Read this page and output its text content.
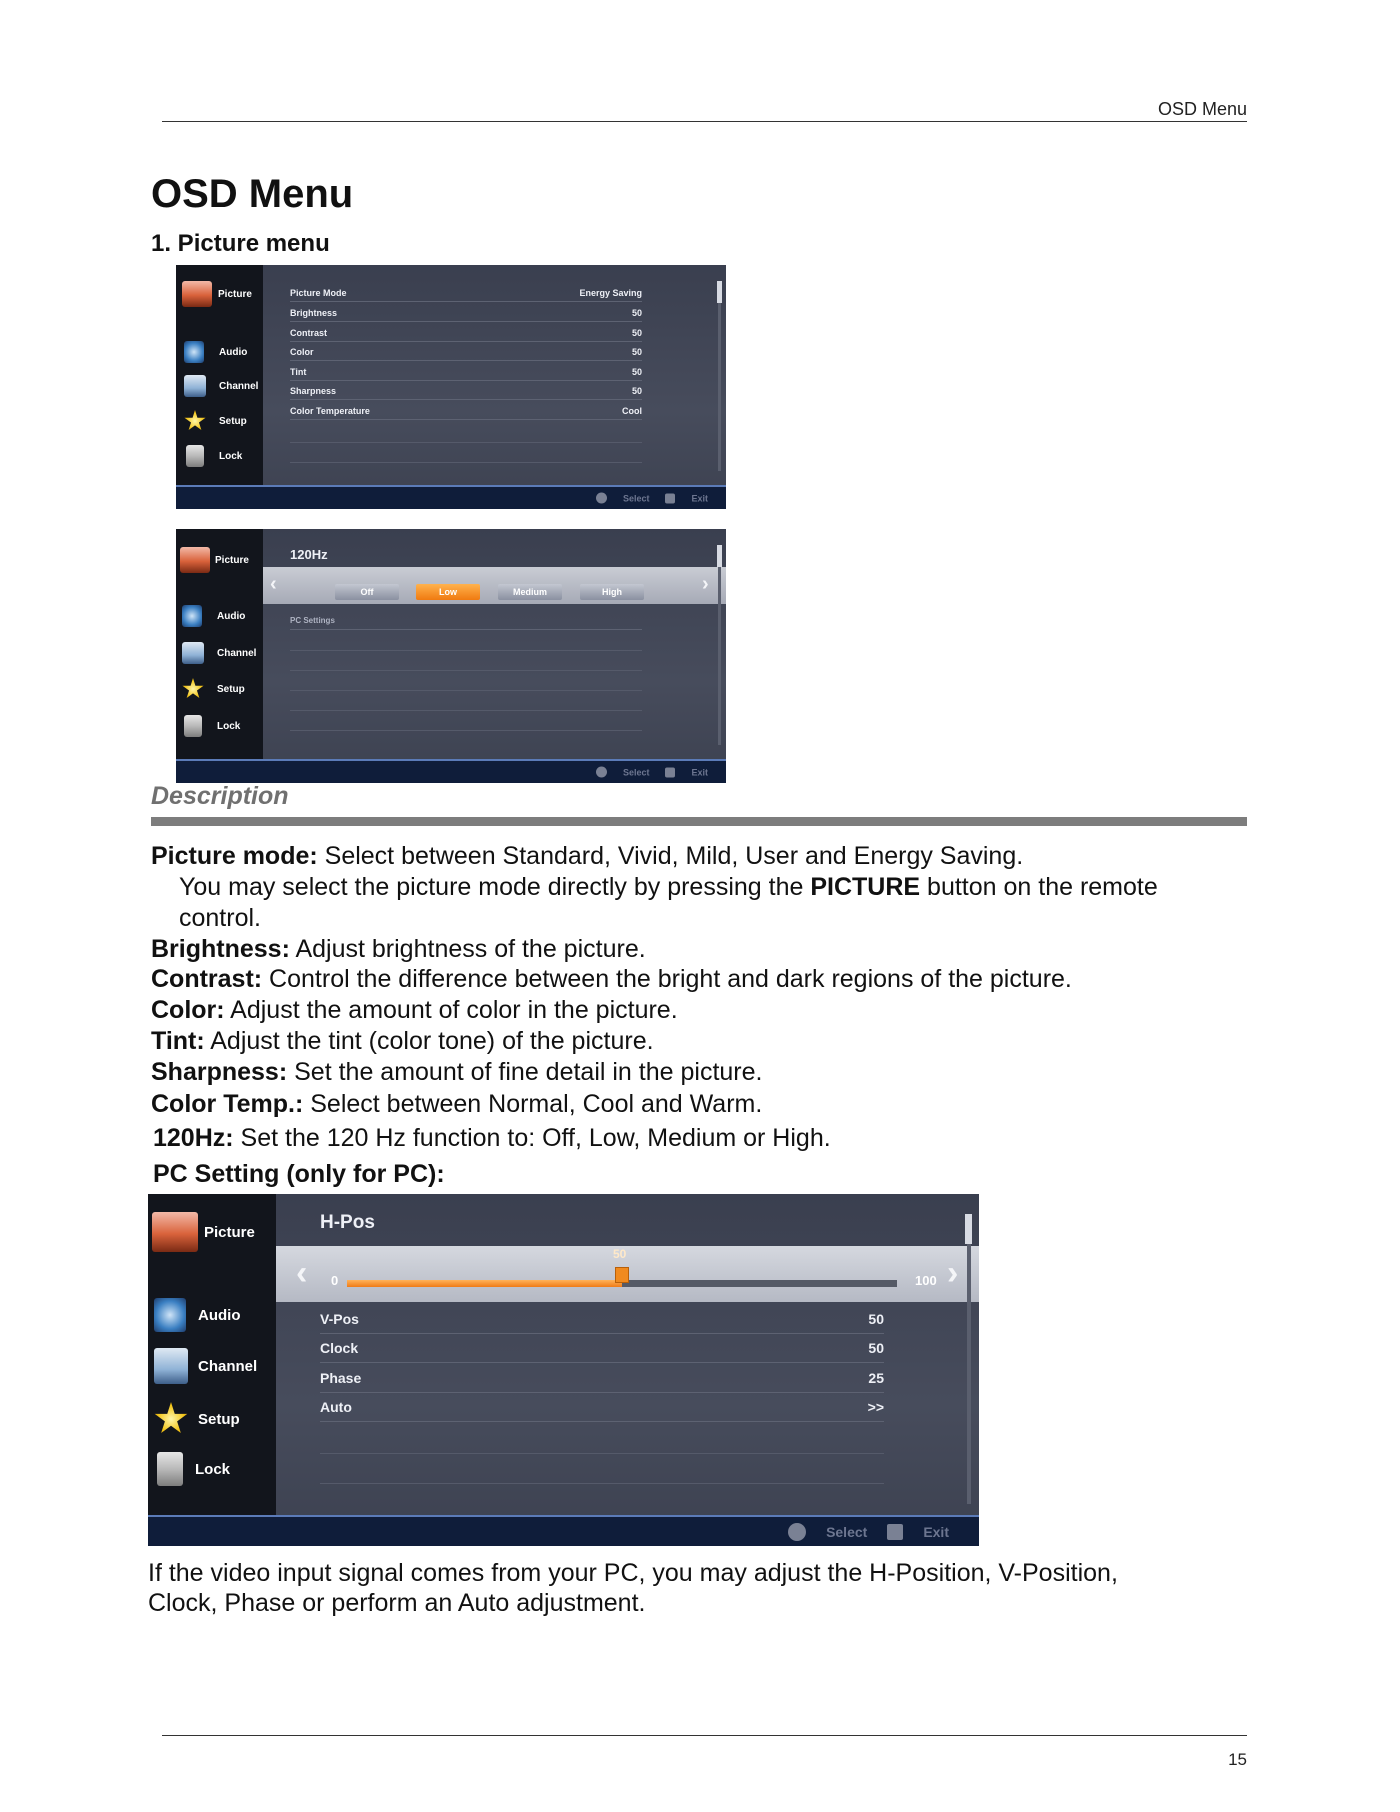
OSD Menu
OSD Menu
1. Picture menu
Picture
Audio
Channel
Setup
Lock
Picture Mode	Energy Saving
Brightness	50
Contrast	50
Color	50
Tint	50
Sharpness	50
Color Temperature	Cool
Select	Exit
Picture
Audio
Channel
Setup
Lock
120Hz
‹	›
Off	Low	Medium	High
PC Settings
Select	Exit
Description
Picture mode: Select between Standard, Vivid, Mild, User and Energy Saving.
You may select the picture mode directly by pressing the PICTURE button on the remote
control.
Brightness: Adjust brightness of the picture.
Contrast: Control the difference between the bright and dark regions of the picture.
Color: Adjust the amount of color in the picture.
Tint: Adjust the tint (color tone) of the picture.
Sharpness: Set the amount of fine detail in the picture.
Color Temp.: Select between Normal, Cool and Warm.
120Hz: Set the 120 Hz function to: Off, Low, Medium or High.
PC Setting (only for PC):
Picture
Audio
Channel
Setup
Lock
H-Pos
‹	›
0	100
50
V-Pos	50
Clock	50
Phase	25
Auto	>>
Select	Exit
If the video input signal comes from your PC, you may adjust the H-Position, V-Position,
Clock, Phase or perform an Auto adjustment.
15
